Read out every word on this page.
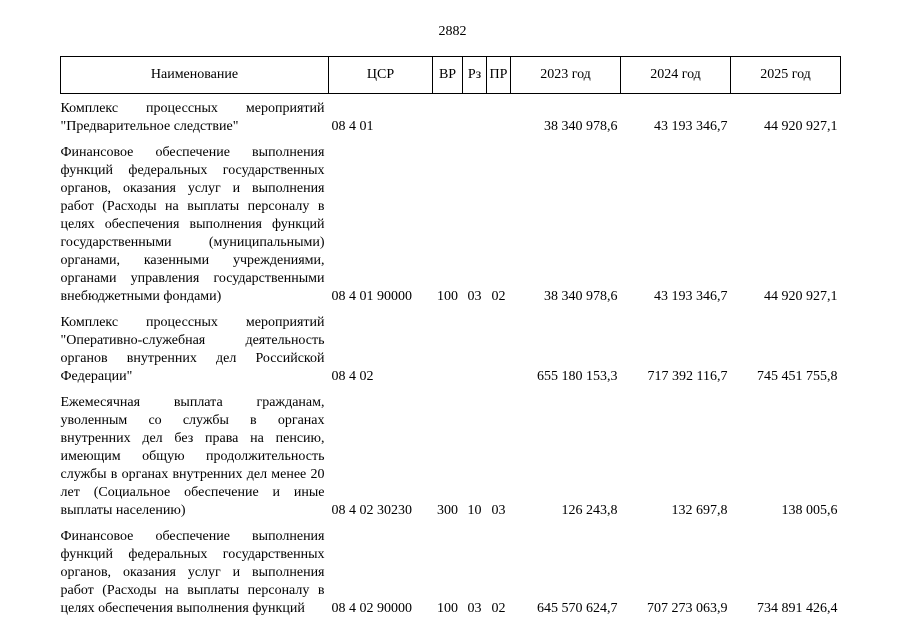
2882
Наименование	ЦСР	ВР	Рз	ПР	2023 год	2024 год	2025 год
Комплекс процессных мероприятий "Предварительное следствие"	08 4 01				38 340 978,6	43 193 346,7	44 920 927,1
Финансовое обеспечение выполнения функций федеральных государственных органов, оказания услуг и выполнения работ (Расходы на выплаты персоналу в целях обеспечения выполнения функций государственными (муниципальными) органами, казенными учреждениями, органами управления государственными внебюджетными фондами)	08 4 01 90000	100	03	02	38 340 978,6	43 193 346,7	44 920 927,1
Комплекс процессных мероприятий "Оперативно-служебная деятельность органов внутренних дел Российской Федерации"	08 4 02				655 180 153,3	717 392 116,7	745 451 755,8
Ежемесячная выплата гражданам, уволенным со службы в органах внутренних дел без права на пенсию, имеющим общую продолжительность службы в органах внутренних дел менее 20 лет (Социальное обеспечение и иные выплаты населению)	08 4 02 30230	300	10	03	126 243,8	132 697,8	138 005,6
Финансовое обеспечение выполнения функций федеральных государственных органов, оказания услуг и выполнения работ (Расходы на выплаты персоналу в целях обеспечения выполнения функций	08 4 02 90000	100	03	02	645 570 624,7	707 273 063,9	734 891 426,4
